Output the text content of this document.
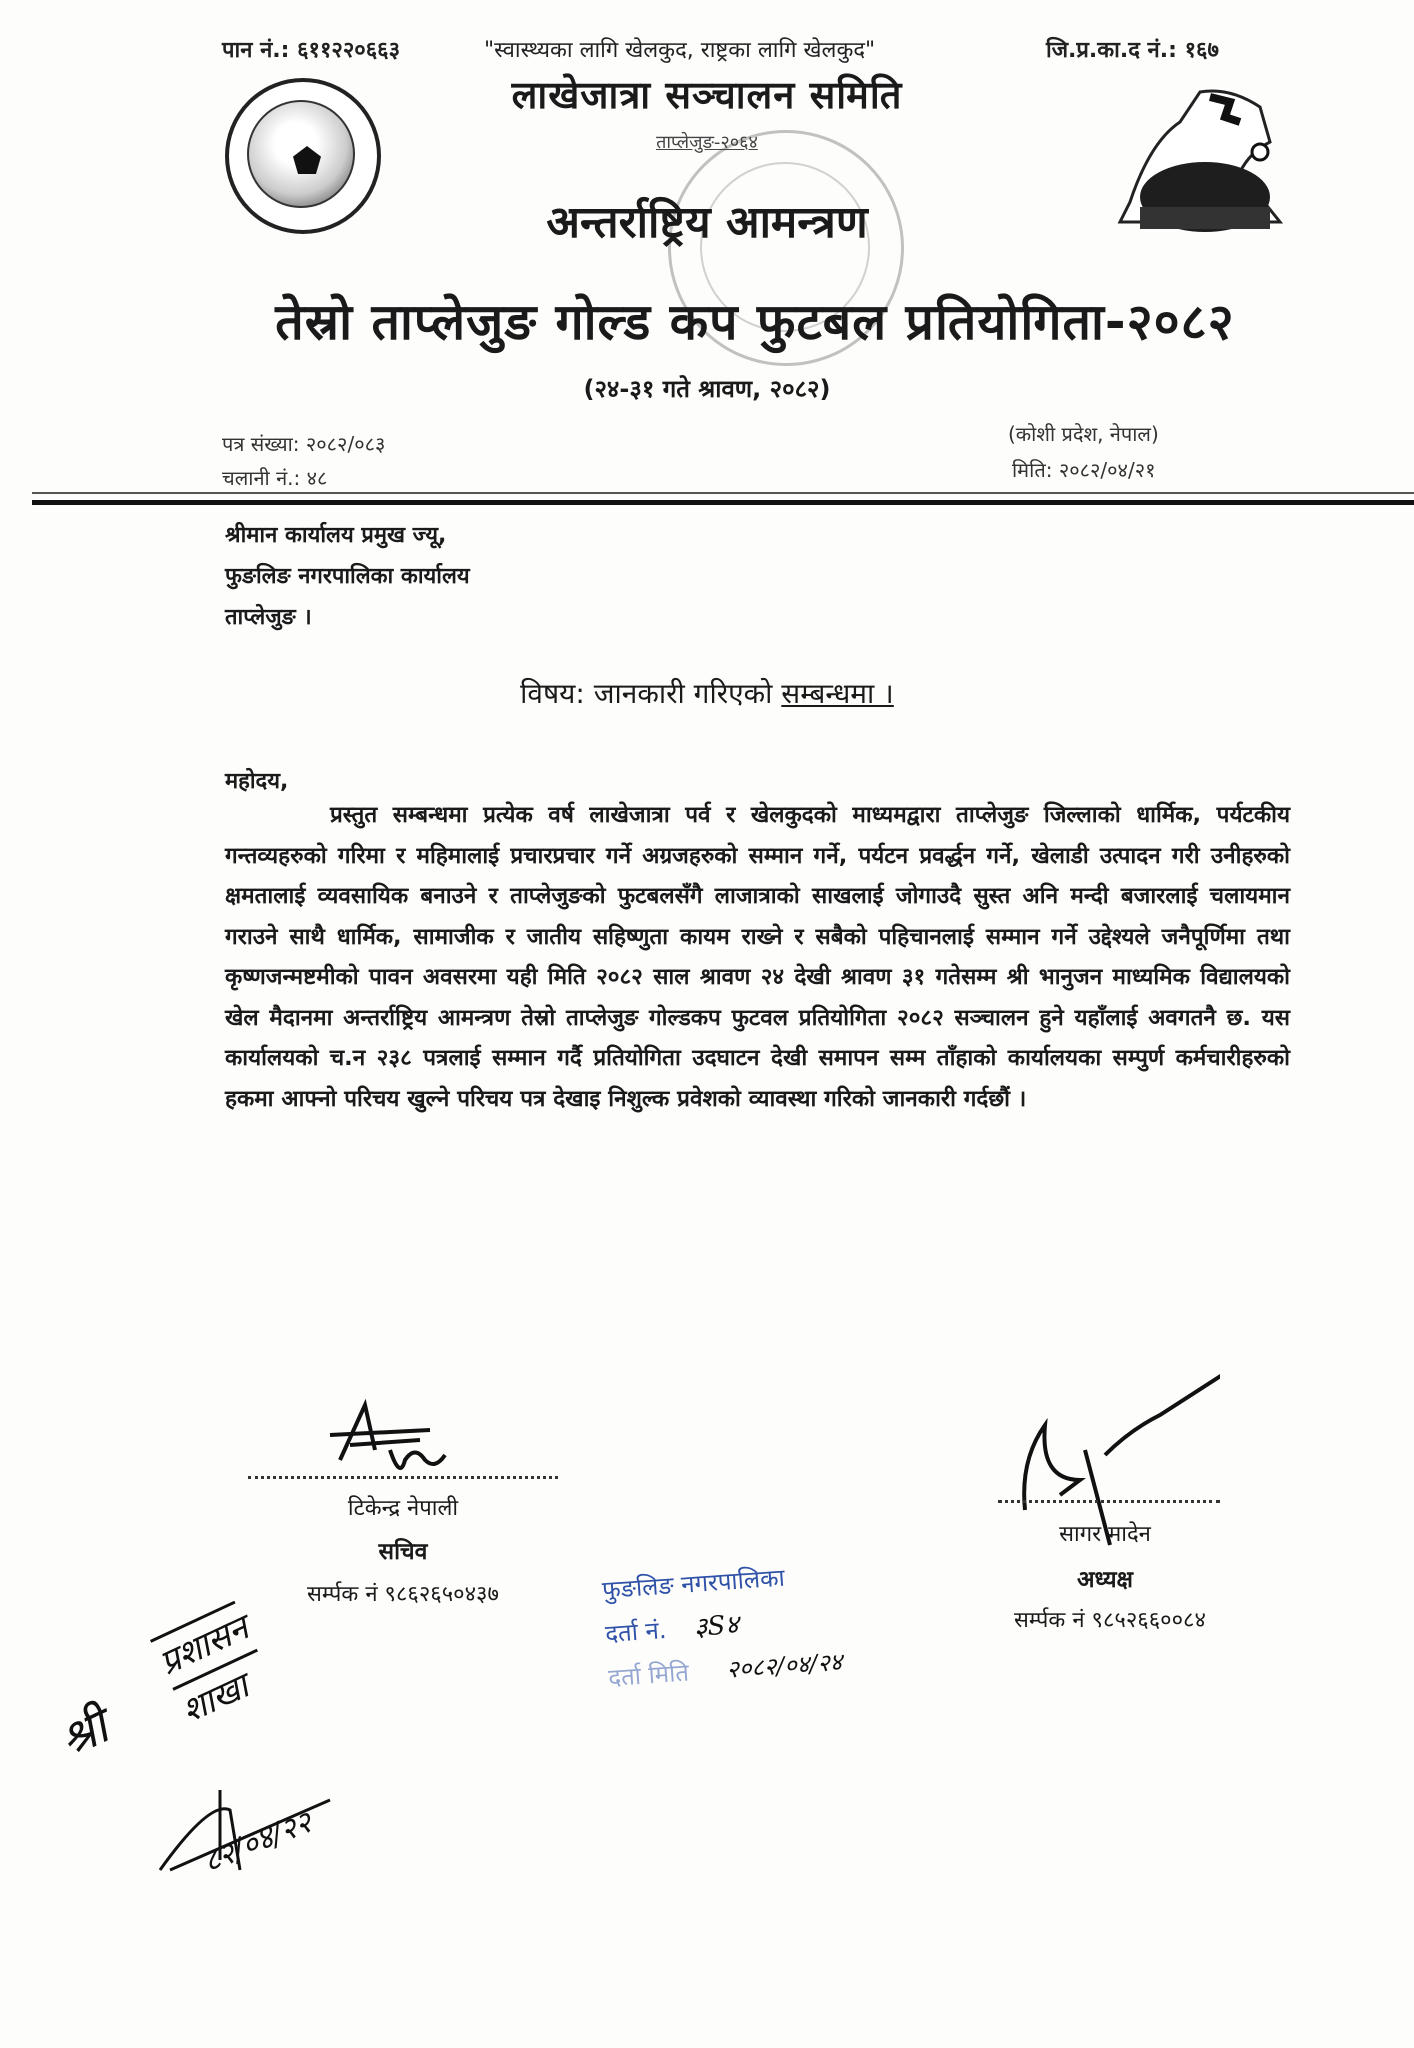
पान नं.: ६११२२०६६३	"स्वास्थ्यका लागि खेलकुद, राष्ट्रका लागि खेलकुद"	जि.प्र.का.द नं.: १६७
लाखेजात्रा सञ्चालन समिति
ताप्लेजुङ-२०६४
अन्तर्राष्ट्रिय आमन्त्रण
तेस्रो ताप्लेजुङ गोल्ड कप फुटबल प्रतियोगिता-२०८२
(२४-३१ गते श्रावण, २०८२)
पत्र संख्या: २०८२/०८३
चलानी नं.: ४८
(कोशी प्रदेश, नेपाल)
मिति: २०८२/०४/२१
श्रीमान कार्यालय प्रमुख ज्यू,
फुङलिङ नगरपालिका कार्यालय
ताप्लेजुङ ।
विषय: जानकारी गरिएको सम्बन्धमा ।
महोदय,
प्रस्तुत सम्बन्धमा प्रत्येक वर्ष लाखेजात्रा पर्व र खेलकुदको माध्यमद्वारा ताप्लेजुङ जिल्लाको धार्मिक, पर्यटकीय गन्तव्यहरुको गरिमा र महिमालाई प्रचारप्रचार गर्ने अग्रजहरुको सम्मान गर्ने, पर्यटन प्रवर्द्धन गर्ने, खेलाडी उत्पादन गरी उनीहरुको क्षमतालाई व्यवसायिक बनाउने र ताप्लेजुङको फुटबलसँगै लाजात्राको साखलाई जोगाउदै सुस्त अनि मन्दी बजारलाई चलायमान गराउने साथै धार्मिक, सामाजीक र जातीय सहिष्णुता कायम राख्ने र सबैको पहिचानलाई सम्मान गर्ने उद्देश्यले जनैपूर्णिमा तथा कृष्णजन्मष्टमीको पावन अवसरमा यही मिति २०८२ साल श्रावण २४ देखी श्रावण ३१ गतेसम्म श्री भानुजन माध्यमिक विद्यालयको खेल मैदानमा अन्तर्राष्ट्रिय आमन्त्रण तेस्रो ताप्लेजुङ गोल्डकप फुटवल प्रतियोगिता २०८२ सञ्चालन हुने यहाँलाई अवगतनै छ. यस कार्यालयको च.न २३८ पत्रलाई सम्मान गर्दै प्रतियोगिता उदघाटन देखी समापन सम्म ताँहाको कार्यालयका सम्पुर्ण कर्मचारीहरुको हकमा आफ्नो परिचय खुल्ने परिचय पत्र देखाइ निशुल्क प्रवेशको व्यावस्था गरिको जानकारी गर्दछौं ।
टिकेन्द्र नेपाली
सचिव
सर्म्पक नं ९८६२६५०४३७
सागर मादेन
अध्यक्ष
सर्म्पक नं ९८५२६६००८४
फुङलिङ नगरपालिका
दर्ता नं. ३S४
दर्ता मिति २०८२/०४/२४
श्री
प्रशासन
शाखा
८२/०४/२२
